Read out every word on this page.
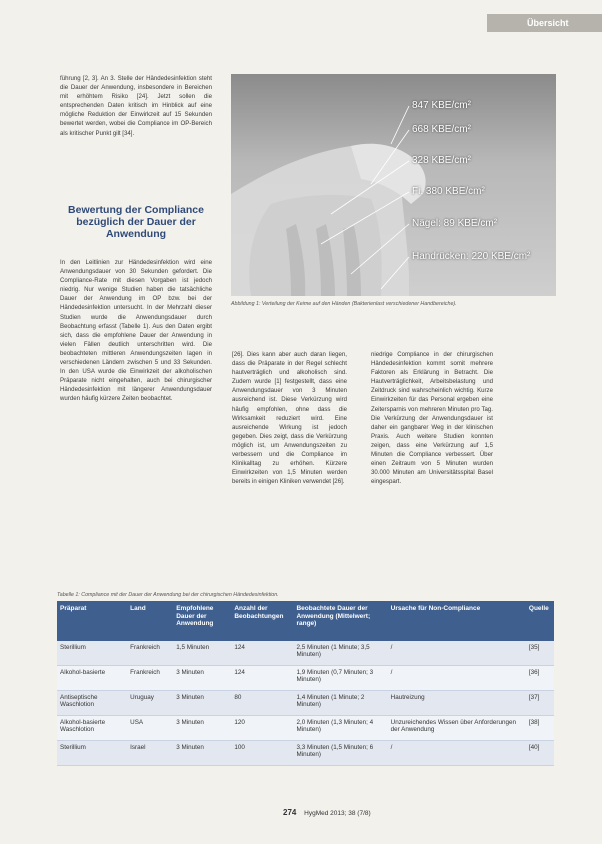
Übersicht

führung [2, 3]. An 3. Stelle der Händedesinfektion steht die Dauer der Anwendung, insbesondere in Bereichen mit erhöhtem Risiko [24]. Jetzt sollen die entsprechenden Daten kritisch im Hinblick auf eine mögliche Reduktion der Einwirkzeit auf 15 Sekunden bewertet werden, wobei die Compliance im OP-Bereich als kritischer Punkt gilt [34].

Bewertung der Compliance bezüglich der Dauer der Anwendung

In den Leitlinien zur Händedesinfektion wird eine Anwendungsdauer von 30 Sekunden gefordert. Die Compliance-Rate mit diesen Vorgaben ist jedoch niedrig. Nur wenige Studien haben die tatsächliche Dauer der Anwendung im OP bzw. bei der Händedesinfektion untersucht. In der Mehrzahl dieser Studien wurde die Anwendungsdauer durch Beobachtung erfasst (Tabelle 1). Aus den Daten ergibt sich, dass die empfohlene Dauer der Anwendung in vielen Fällen deutlich unterschritten wird. Die beobachteten mittleren Anwendungszeiten lagen in verschiedenen Ländern zwischen 5 und 33 Sekunden. In den USA wurde die Einwirkzeit der alkoholischen Präparate nicht eingehalten, auch bei chirurgischer Händedesinfektion mit längerer Anwendungsdauer wurden häufig kürzere Zeiten beobachtet.

847 KBE/cm²
668 KBE/cm²
328 KBE/cm²
Fi. 380 KBE/cm²
Nägel: 89 KBE/cm²
Handrücken: 220 KBE/cm²
Abbildung 1: Verteilung der Keime auf den Händen (Bakterienlast verschiedener Handbereiche).

[26]. Dies kann aber auch daran liegen, dass die Präparate in der Regel schlecht hautverträglich und alkoholisch sind. Zudem wurde [1] festgestellt, dass eine Anwendungsdauer von 3 Minuten ausreichend ist. Diese Verkürzung wird häufig empfohlen, ohne dass die Wirksamkeit reduziert wird. Eine ausreichende Wirkung ist jedoch gegeben. Dies zeigt, dass die Verkürzung möglich ist, um Anwendungszeiten zu verbessern und die Compliance im Klinikalltag zu erhöhen. Kürzere Einwirkzeiten von 1,5 Minuten werden bereits in einigen Kliniken verwendet [26].

niedrige Compliance in der chirurgischen Händedesinfektion kommt somit mehrere Faktoren als Erklärung in Betracht. Die Hautverträglichkeit, Arbeitsbelastung und Zeitdruck sind wahrscheinlich wichtig. Kurze Einwirkzeiten für das Personal ergeben eine Zeitersparnis von mehreren Minuten pro Tag. Die Verkürzung der Anwendungsdauer ist daher ein gangbarer Weg in der klinischen Praxis. Auch weitere Studien konnten zeigen, dass eine Verkürzung auf 1,5 Minuten die Compliance verbessert. Über einen Zeitraum von 5 Minuten wurden 30.000 Minuten am Universitätsspital Basel eingespart.

Tabelle 1: Compliance mit der Dauer der Anwendung bei der chirurgischen Händedesinfektion.
Präparat	Land	Empfohlene Dauer der Anwendung	Anzahl der Beobachtungen	Beobachtete Dauer der Anwendung (Mittelwert; range)	Ursache für Non-Compliance	Quelle
Sterillium	Frankreich	1,5 Minuten	124	2,5 Minuten (1 Minute; 3,5 Minuten)	/	[35]
Alkohol-basierte	Frankreich	3 Minuten	124	1,9 Minuten (0,7 Minuten; 3 Minuten)	/	[36]
Antiseptische Waschlotion	Uruguay	3 Minuten	80	1,4 Minuten (1 Minute; 2 Minuten)	Hautreizung	[37]
Alkohol-basierte Waschlotion	USA	3 Minuten	120	2,0 Minuten (1,3 Minuten; 4 Minuten)	Unzureichendes Wissen über Anforderungen der Anwendung	[38]
Sterillium	Israel	3 Minuten	100	3,3 Minuten (1,5 Minuten; 6 Minuten)	/	[40]
274 HygMed 2013; 38 (7/8)
